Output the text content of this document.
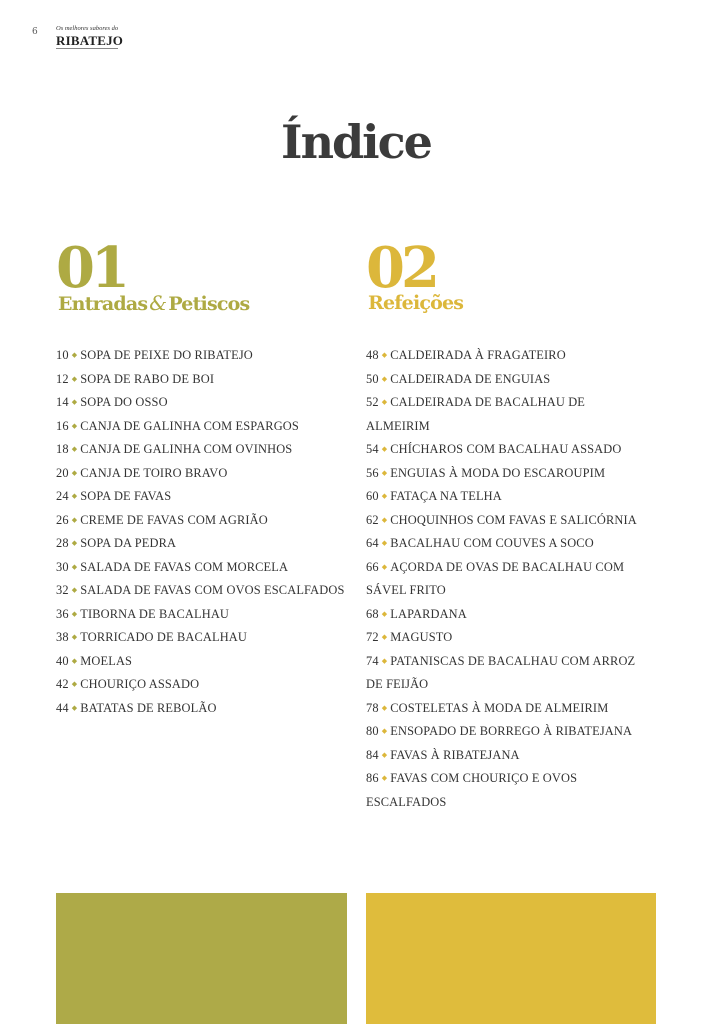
6	Os melhores sabores do
RIBATEJO
Índice
01
Entradas & Petiscos
02
Refeições
10 ◆ SOPA DE PEIXE DO RIBATEJO
12 ◆ SOPA DE RABO DE BOI
14 ◆ SOPA DO OSSO
16 ◆ CANJA DE GALINHA COM ESPARGOS
18 ◆ CANJA DE GALINHA COM OVINHOS
20 ◆ CANJA DE TOIRO BRAVO
24 ◆ SOPA DE FAVAS
26 ◆ CREME DE FAVAS COM AGRIÃO
28 ◆ SOPA DA PEDRA
30 ◆ SALADA DE FAVAS COM MORCELA
32 ◆ SALADA DE FAVAS COM OVOS ESCALFADOS
36 ◆ TIBORNA DE BACALHAU
38 ◆ TORRICADO DE BACALHAU
40 ◆ MOELAS
42 ◆ CHOURIÇO ASSADO
44 ◆ BATATAS DE REBOLÃO
48 ◆ CALDEIRADA À FRAGATEIRO
50 ◆ CALDEIRADA DE ENGUIAS
52 ◆ CALDEIRADA DE BACALHAU DE ALMEIRIM
54 ◆ CHÍCHAROS COM BACALHAU ASSADO
56 ◆ ENGUIAS À MODA DO ESCAROUPIM
60 ◆ FATAÇA NA TELHA
62 ◆ CHOQUINHOS COM FAVAS E SALICÓRNIA
64 ◆ BACALHAU COM COUVES A SOCO
66 ◆ AÇORDA DE OVAS DE BACALHAU COM SÁVEL FRITO
68 ◆ LAPARDANA
72 ◆ MAGUSTO
74 ◆ PATANISCAS DE BACALHAU COM ARROZ DE FEIJÃO
78 ◆ COSTELETAS À MODA DE ALMEIRIM
80 ◆ ENSOPADO DE BORREGO À RIBATEJANA
84 ◆ FAVAS À RIBATEJANA
86 ◆ FAVAS COM CHOURIÇO E OVOS ESCALFADOS
